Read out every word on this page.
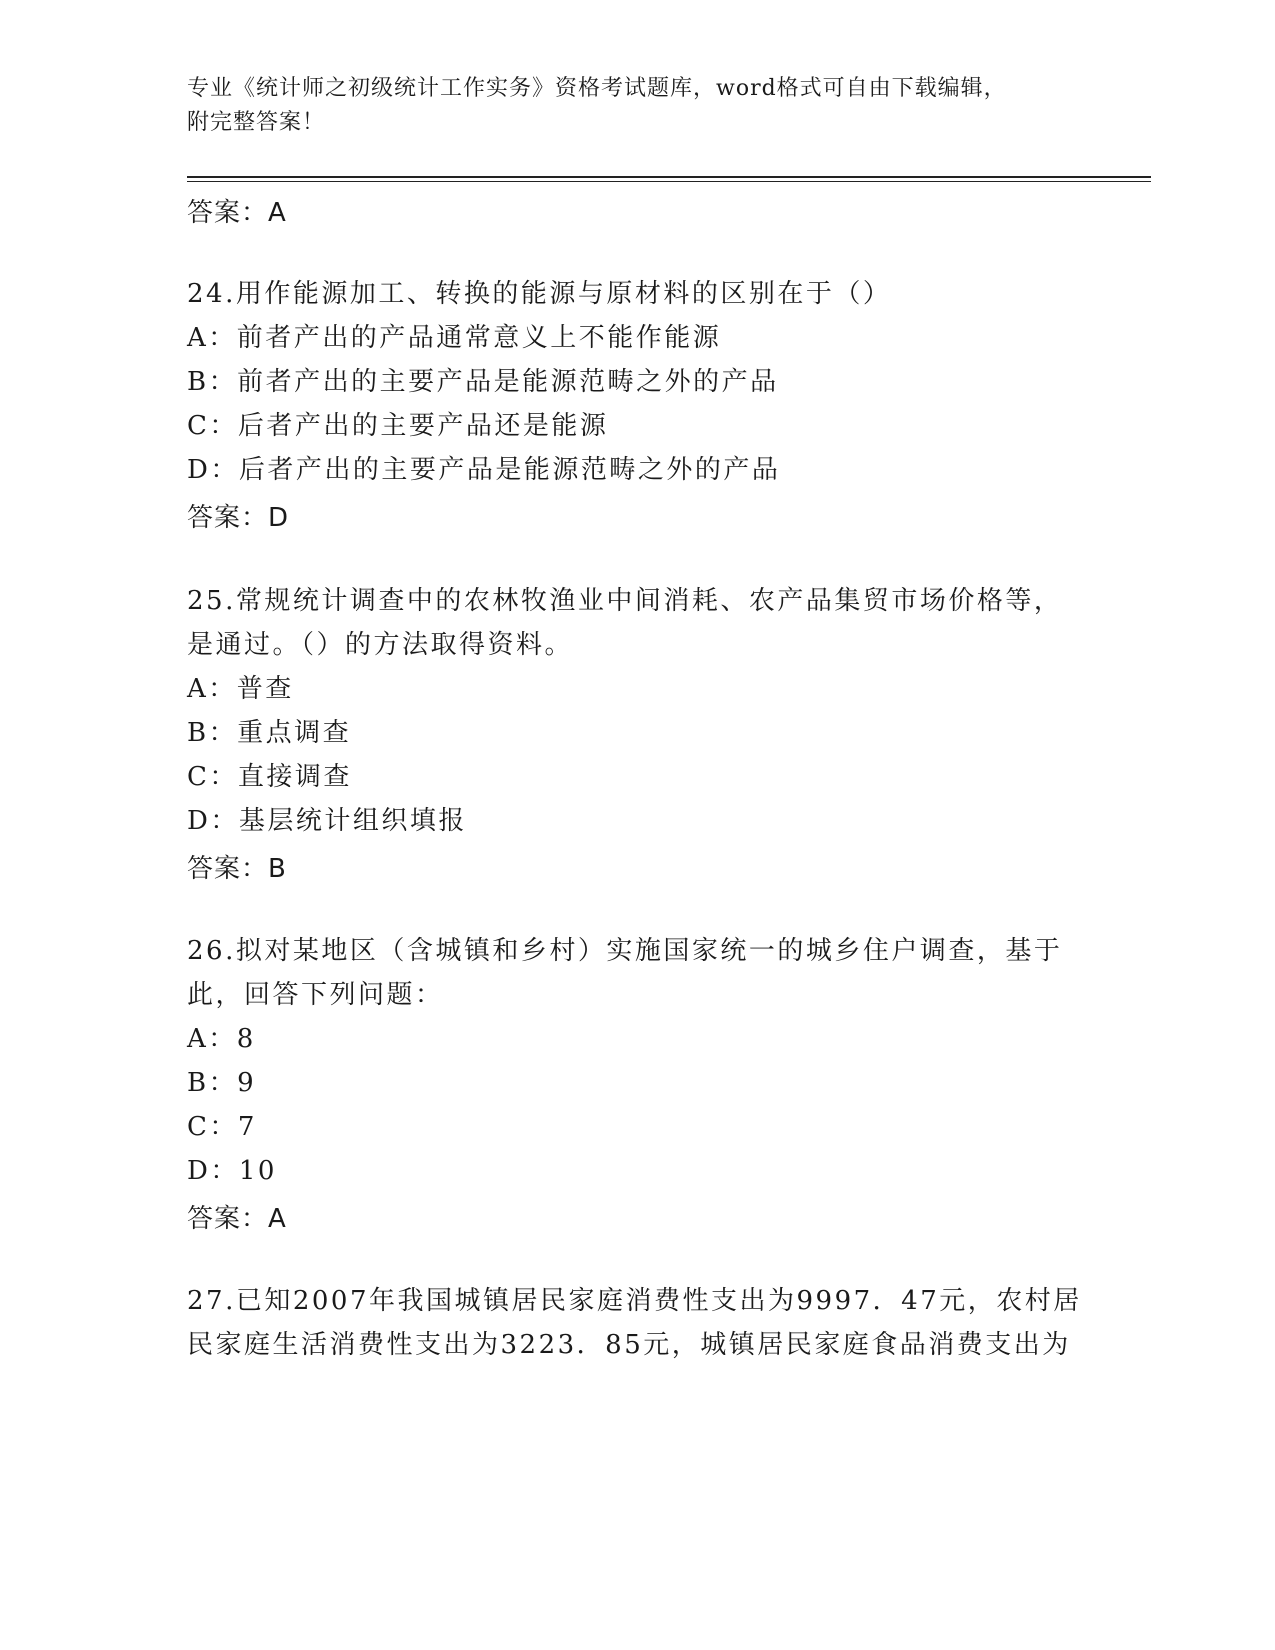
专业《统计师之初级统计工作实务》资格考试题库，word格式可自由下载编辑，
附完整答案！
答案：A
24.用作能源加工、转换的能源与原材料的区别在于（）
A：前者产出的产品通常意义上不能作能源
B：前者产出的主要产品是能源范畴之外的产品
C：后者产出的主要产品还是能源
D：后者产出的主要产品是能源范畴之外的产品
答案：D
25.常规统计调查中的农林牧渔业中间消耗、农产品集贸市场价格等，
是通过。（）的方法取得资料。
A：普查
B：重点调查
C：直接调查
D：基层统计组织填报
答案：B
26.拟对某地区（含城镇和乡村）实施国家统一的城乡住户调查，基于
此，回答下列问题：
A：8
B：9
C：7
D：10
答案：A
27.已知2007年我国城镇居民家庭消费性支出为9997．47元，农村居
民家庭生活消费性支出为3223．85元，城镇居民家庭食品消费支出为
